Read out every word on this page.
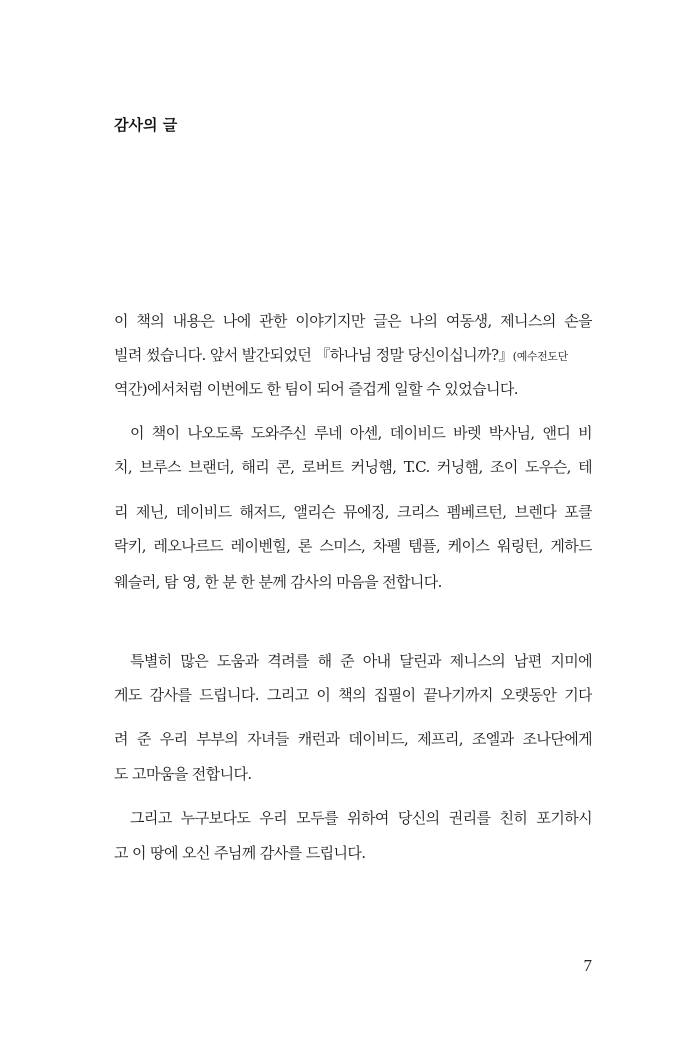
감사의 글
이 책의 내용은 나에 관한 이야기지만 글은 나의 여동생, 제니스의 손을
빌려 썼습니다. 앞서 발간되었던 『하나님 정말 당신이십니까?』(예수전도단
역간)에서처럼 이번에도 한 팀이 되어 즐겁게 일할 수 있었습니다.
이 책이 나오도록 도와주신 루네 아센, 데이비드 바렛 박사님, 앤디 비
치, 브루스 브랜더, 해리 콘, 로버트 커닝햄, T.C. 커닝햄, 조이 도우슨, 테
리 제닌, 데이비드 해저드, 앨리슨 뮤에징, 크리스 펨베르턴, 브렌다 포클
락키, 레오나르드 레이벤힐, 론 스미스, 차펠 템플, 케이스 워링턴, 게하드
웨슬러, 탐 영, 한 분 한 분께 감사의 마음을 전합니다.
특별히 많은 도움과 격려를 해 준 아내 달린과 제니스의 남편 지미에
게도 감사를 드립니다. 그리고 이 책의 집필이 끝나기까지 오랫동안 기다
려 준 우리 부부의 자녀들 캐런과 데이비드, 제프리, 조엘과 조나단에게
도 고마움을 전합니다.
그리고 누구보다도 우리 모두를 위하여 당신의 권리를 친히 포기하시
고 이 땅에 오신 주님께 감사를 드립니다.
7
